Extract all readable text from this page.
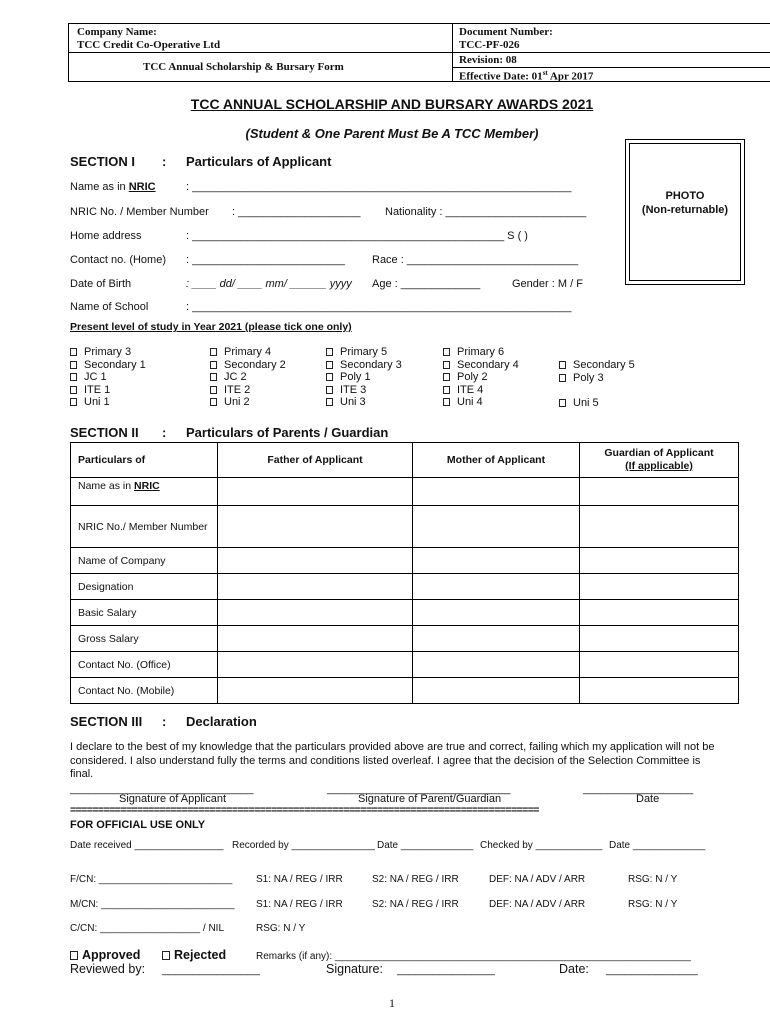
Company Name:
TCC Credit Co-Operative Ltd
TCC Annual Scholarship & Bursary Form
Document Number:
TCC-PF-026
Revision: 08
Effective Date: 01st Apr 2017
TCC ANNUAL SCHOLARSHIP AND BURSARY AWARDS 2021
(Student & One Parent Must Be A TCC Member)
SECTION I : Particulars of Applicant
PHOTO
(Non-returnable)
Name as in NRIC	: ______________________________________________________________
NRIC No. / Member Number : ____________________ Nationality : _______________________
Home address	: ___________________________________________________ S ( )
Contact no. (Home) : _________________________ Race : ____________________________
Date of Birth	: ____ dd/ ____ mm/ ______ yyyy Age : _____________	Gender : M / F
Name of School	: ______________________________________________________________
Present level of study in Year 2021 (please tick one only)
Primary 3
Secondary 1
JC 1
ITE 1
Uni 1
Primary 4
Secondary 2
JC 2
ITE 2
Uni 2
Primary 5
Secondary 3
Poly 1
ITE 3
Uni 3
Primary 6
Secondary 4
Poly 2
ITE 4
Uni 4
Secondary 5
Poly 3
Uni 5
SECTION II : Particulars of Parents / Guardian
Particulars of	Father of Applicant	Mother of Applicant	Guardian of Applicant
(If applicable)

Name as in NRIC			
NRIC No./ Member Number			
Name of Company			
Designation			
Basic Salary			
Gross Salary			
Contact No. (Office)			
Contact No. (Mobile)			
SECTION III : Declaration
I declare to the best of my knowledge that the particulars provided above are true and correct, failing which my application will not be considered. I also understand fully the terms and conditions listed overleaf. I agree that the decision of the Selection Committee is final.
______________________________	______________________________	__________________
Signature of Applicant	Signature of Parent/Guardian	Date
====================================================================================
FOR OFFICIAL USE ONLY
Date received ________________ Recorded by _______________ Date _____________ Checked by ____________ Date _____________
F/CN: ________________________ S1: NA / REG / IRR	S2: NA / REG / IRR	DEF: NA / ADV / ARR	RSG: N / Y
M/CN: ________________________ S1: NA / REG / IRR	S2: NA / REG / IRR	DEF: NA / ADV / ARR	RSG: N / Y
C/CN: __________________ / NIL	RSG: N / Y
Approved	Rejected	Remarks (if any): ________________________________________________________________
Reviewed by: ________________	Signature: ________________	Date: _______________
1
